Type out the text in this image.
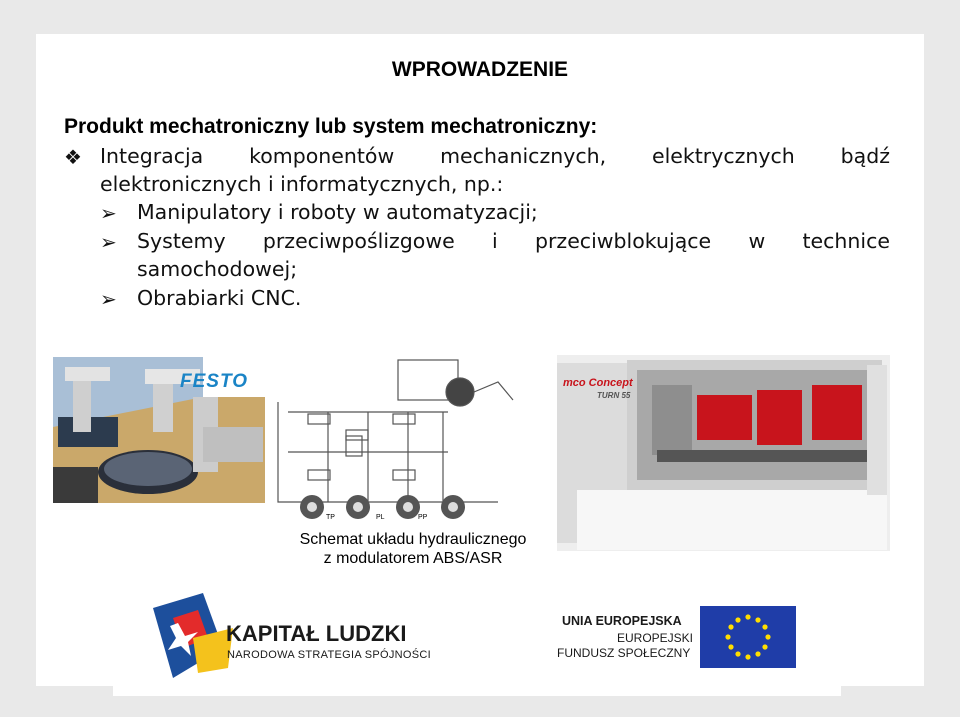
WPROWADZENIE
Produkt mechatroniczny lub system mechatroniczny:
❖ Integracja komponentów mechanicznych, elektrycznych bądź
elektronicznych i informatycznych, np.:
➢ Manipulatory i roboty w automatyzacji;
➢ Systemy przeciwpoślizgowe i przeciwblokujące w technice
samochodowej;
➢ Obrabiarki CNC.
FESTO
TP	PL	PP
mco Concept
TURN 55
Schemat układu hydraulicznego
z modulatorem ABS/ASR
KAPITAŁ LUDZKI
NARODOWA STRATEGIA SPÓJNOŚCI
UNIA EUROPEJSKA
EUROPEJSKI
FUNDUSZ SPOŁECZNY
